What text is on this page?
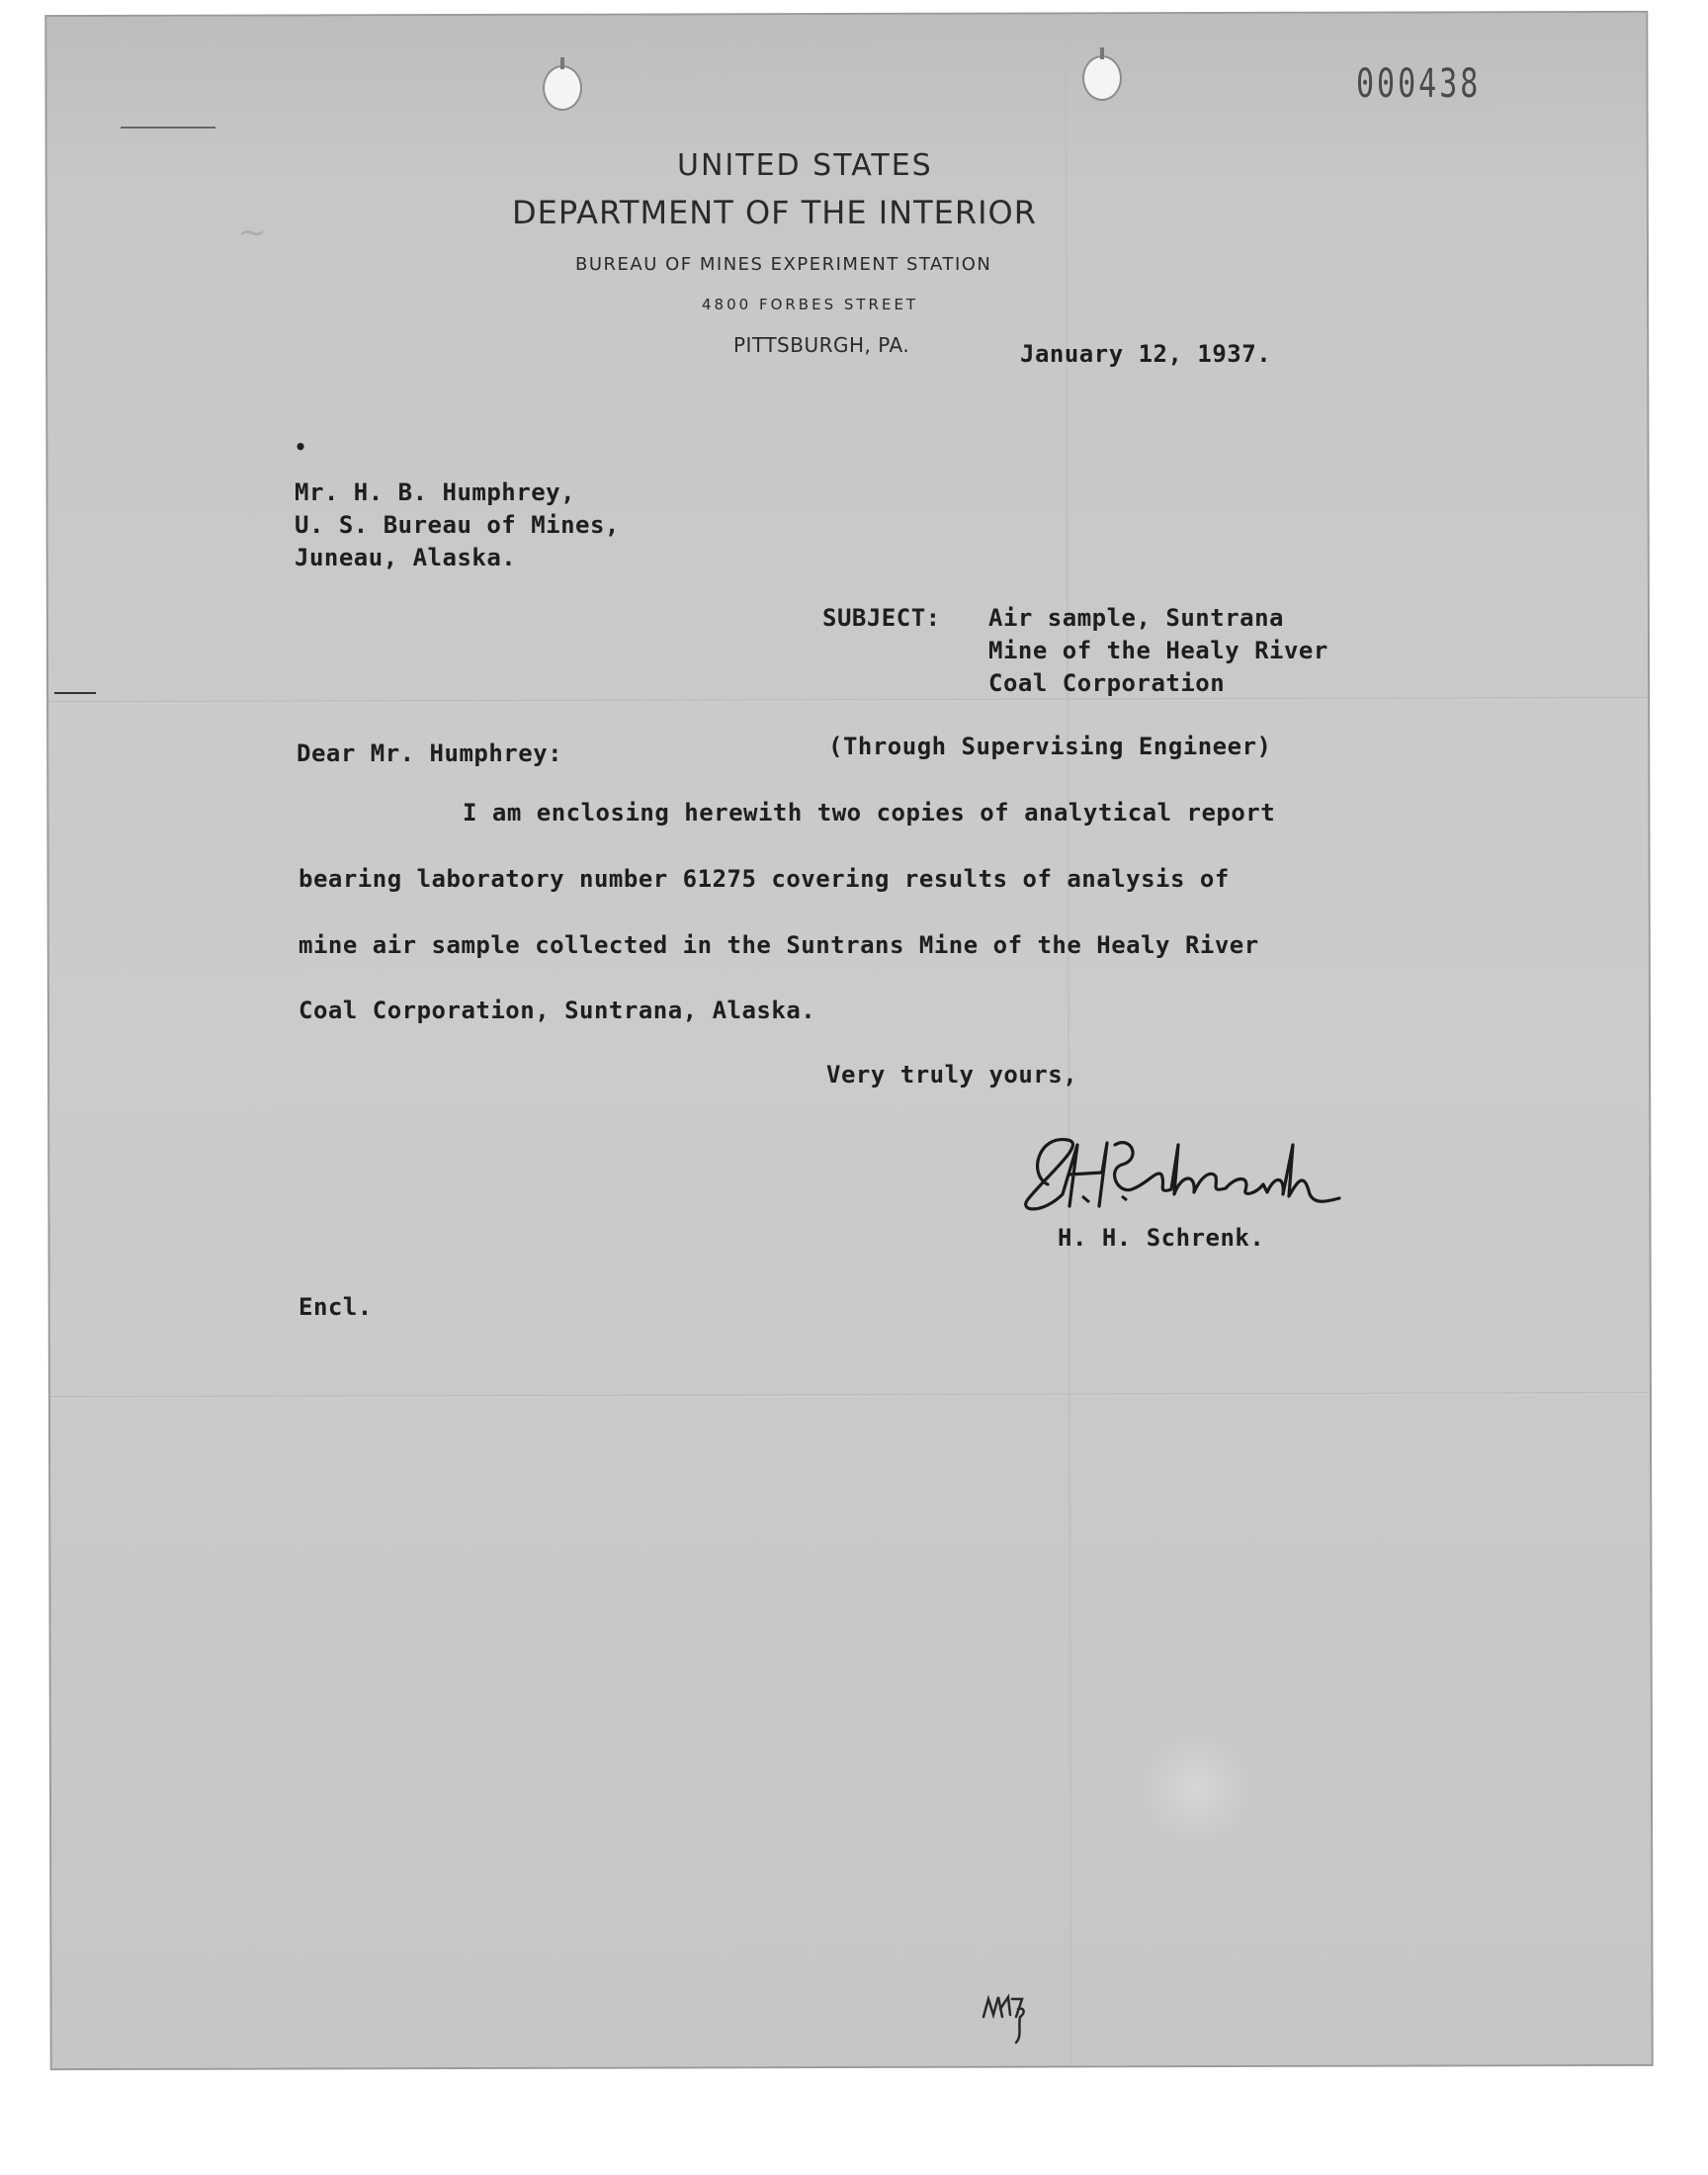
~
000438
UNITED STATES
DEPARTMENT OF THE INTERIOR
BUREAU OF MINES EXPERIMENT STATION
4800 FORBES STREET
PITTSBURGH, PA.	January 12, 1937.
•
Mr. H. B. Humphrey,
U. S. Bureau of Mines,
Juneau, Alaska.
SUBJECT: Air sample, Suntrana
Mine of the Healy River
Coal Corporation
Dear Mr. Humphrey:	(Through Supervising Engineer)
I am enclosing herewith two copies of analytical report
bearing laboratory number 61275 covering results of analysis of
mine air sample collected in the Suntrans Mine of the Healy River
Coal Corporation, Suntrana, Alaska.
Very truly yours,
H. H. Schrenk.
Encl.
